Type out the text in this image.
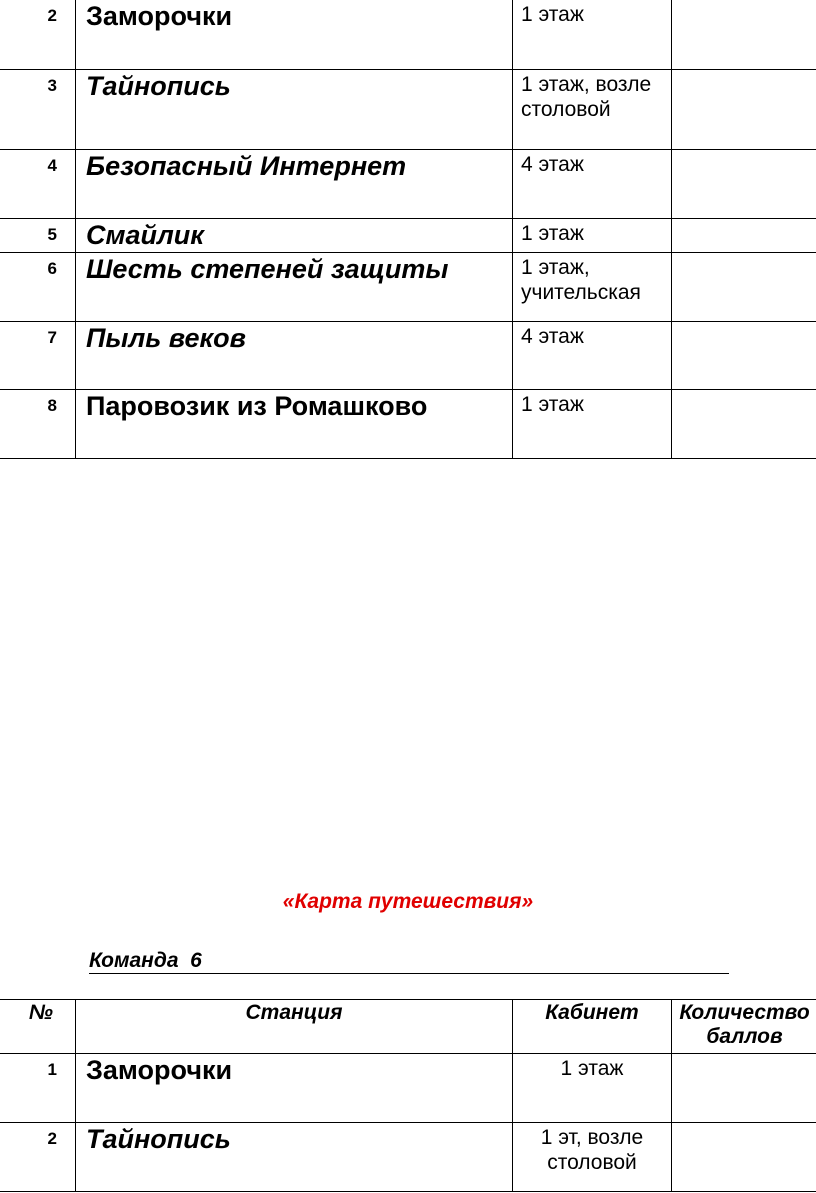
2	Заморочки	1 этаж	
3	Тайнопись	1 этаж, возле столовой	
4	Безопасный Интернет	4 этаж	
5	Смайлик	1 этаж	
6	Шесть степеней защиты	1 этаж, учительская	
7	Пыль веков	4 этаж	
8	Паровозик из Ромашково	1 этаж	
«Карта путешествия»
Команда 6
№	Станция	Кабинет	Количество баллов
1	Заморочки	1 этаж	
2	Тайнопись	1 эт, возле столовой	
